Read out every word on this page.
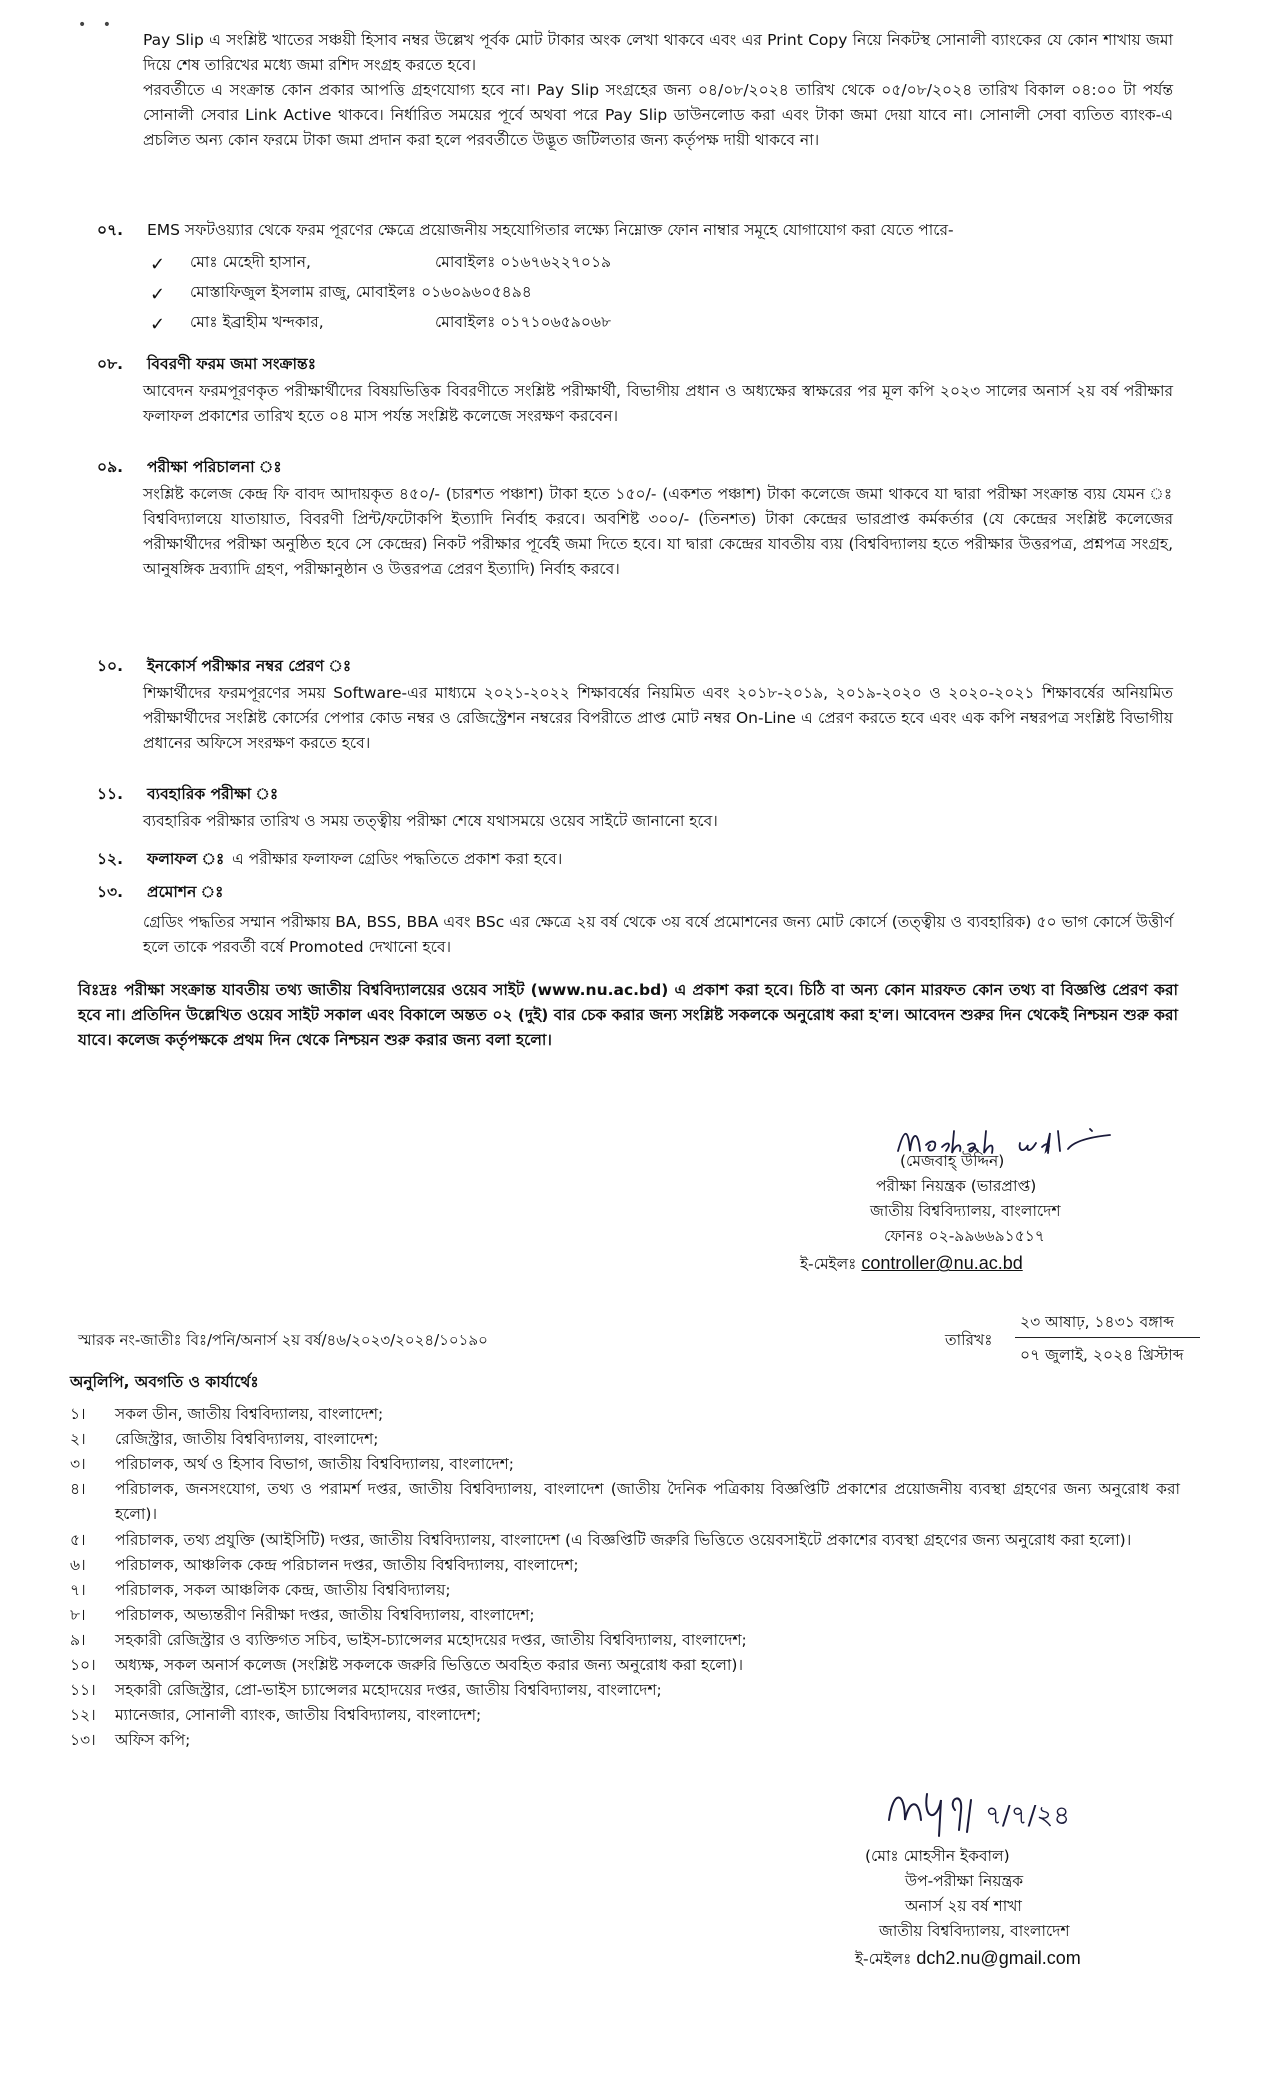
• •
Pay Slip এ সংশ্লিষ্ট খাতের সঞ্চয়ী হিসাব নম্বর উল্লেখ পূর্বক মোট টাকার অংক লেখা থাকবে এবং এর Print Copy নিয়ে নিকটস্থ সোনালী ব্যাংকের যে কোন শাখায় জমা দিয়ে শেষ তারিখের মধ্যে জমা রশিদ সংগ্রহ করতে হবে।
পরবর্তীতে এ সংক্রান্ত কোন প্রকার আপত্তি গ্রহণযোগ্য হবে না। Pay Slip সংগ্রহের জন্য ০৪/০৮/২০২৪ তারিখ থেকে ০৫/০৮/২০২৪ তারিখ বিকাল ০৪:০০ টা পর্যন্ত সোনালী সেবার Link Active থাকবে। নির্ধারিত সময়ের পূর্বে অথবা পরে Pay Slip ডাউনলোড করা এবং টাকা জমা দেয়া যাবে না। সোনালী সেবা ব্যতিত ব্যাংক-এ প্রচলিত অন্য কোন ফরমে টাকা জমা প্রদান করা হলে পরবর্তীতে উদ্ভূত জটিলতার জন্য কর্তৃপক্ষ দায়ী থাকবে না।
০৭.	EMS সফটওয়্যার থেকে ফরম পূরণের ক্ষেত্রে প্রয়োজনীয় সহযোগিতার লক্ষ্যে নিম্নোক্ত ফোন নাম্বার সমূহে যোগাযোগ করা যেতে পারে-
✓ মোঃ মেহেদী হাসান,	মোবাইলঃ ০১৬৭৬২২৭০১৯
✓ মোস্তাফিজুল ইসলাম রাজু, মোবাইলঃ ০১৬০৯৬০৫৪৯৪
✓ মোঃ ইব্রাহীম খন্দকার,	মোবাইলঃ ০১৭১০৬৫৯০৬৮
০৮.	বিবরণী ফরম জমা সংক্রান্তঃ
আবেদন ফরমপূরণকৃত পরীক্ষার্থীদের বিষয়ভিত্তিক বিবরণীতে সংশ্লিষ্ট পরীক্ষার্থী, বিভাগীয় প্রধান ও অধ্যক্ষের স্বাক্ষরের পর মূল কপি ২০২৩ সালের অনার্স ২য় বর্ষ পরীক্ষার ফলাফল প্রকাশের তারিখ হতে ০৪ মাস পর্যন্ত সংশ্লিষ্ট কলেজে সংরক্ষণ করবেন।
০৯.	পরীক্ষা পরিচালনা ঃ
সংশ্লিষ্ট কলেজ কেন্দ্র ফি বাবদ আদায়কৃত ৪৫০/- (চারশত পঞ্চাশ) টাকা হতে ১৫০/- (একশত পঞ্চাশ) টাকা কলেজে জমা থাকবে যা দ্বারা পরীক্ষা সংক্রান্ত ব্যয় যেমন ঃ বিশ্ববিদ্যালয়ে যাতায়াত, বিবরণী প্রিন্ট/ফটোকপি ইত্যাদি নির্বাহ করবে। অবশিষ্ট ৩০০/- (তিনশত) টাকা কেন্দ্রের ভারপ্রাপ্ত কর্মকর্তার (যে কেন্দ্রের সংশ্লিষ্ট কলেজের পরীক্ষার্থীদের পরীক্ষা অনুষ্ঠিত হবে সে কেন্দ্রের) নিকট পরীক্ষার পূর্বেই জমা দিতে হবে। যা দ্বারা কেন্দ্রের যাবতীয় ব্যয় (বিশ্ববিদ্যালয় হতে পরীক্ষার উত্তরপত্র, প্রশ্নপত্র সংগ্রহ, আনুষঙ্গিক দ্রব্যাদি গ্রহণ, পরীক্ষানুষ্ঠান ও উত্তরপত্র প্রেরণ ইত্যাদি) নির্বাহ করবে।
১০.	ইনকোর্স পরীক্ষার নম্বর প্রেরণ ঃ
শিক্ষার্থীদের ফরমপূরণের সময় Software-এর মাধ্যমে ২০২১-২০২২ শিক্ষাবর্ষের নিয়মিত এবং ২০১৮-২০১৯, ২০১৯-২০২০ ও ২০২০-২০২১ শিক্ষাবর্ষের অনিয়মিত পরীক্ষার্থীদের সংশ্লিষ্ট কোর্সের পেপার কোড নম্বর ও রেজিস্ট্রেশন নম্বরের বিপরীতে প্রাপ্ত মোট নম্বর On-Line এ প্রেরণ করতে হবে এবং এক কপি নম্বরপত্র সংশ্লিষ্ট বিভাগীয় প্রধানের অফিসে সংরক্ষণ করতে হবে।
১১.	ব্যবহারিক পরীক্ষা ঃ
ব্যবহারিক পরীক্ষার তারিখ ও সময় তত্ত্বীয় পরীক্ষা শেষে যথাসময়ে ওয়েব সাইটে জানানো হবে।
১২.	ফলাফল ঃ এ পরীক্ষার ফলাফল গ্রেডিং পদ্ধতিতে প্রকাশ করা হবে।
১৩.	প্রমোশন ঃ
গ্রেডিং পদ্ধতির সম্মান পরীক্ষায় BA, BSS, BBA এবং BSc এর ক্ষেত্রে ২য় বর্ষ থেকে ৩য় বর্ষে প্রমোশনের জন্য মোট কোর্সে (তত্ত্বীয় ও ব্যবহারিক) ৫০ ভাগ কোর্সে উত্তীর্ণ হলে তাকে পরবর্তী বর্ষে Promoted দেখানো হবে।
বিঃদ্রঃ পরীক্ষা সংক্রান্ত যাবতীয় তথ্য জাতীয় বিশ্ববিদ্যালয়ের ওয়েব সাইট (www.nu.ac.bd) এ প্রকাশ করা হবে। চিঠি বা অন্য কোন মারফত কোন তথ্য বা বিজ্ঞপ্তি প্রেরণ করা হবে না। প্রতিদিন উল্লেখিত ওয়েব সাইট সকাল এবং বিকালে অন্তত ০২ (দুই) বার চেক করার জন্য সংশ্লিষ্ট সকলকে অনুরোধ করা হ'ল। আবেদন শুরুর দিন থেকেই নিশ্চয়ন শুরু করা যাবে। কলেজ কর্তৃপক্ষকে প্রথম দিন থেকে নিশ্চয়ন শুরু করার জন্য বলা হলো।
(মেজবাহ্ উদ্দিন)
পরীক্ষা নিয়ন্ত্রক (ভারপ্রাপ্ত)
জাতীয় বিশ্ববিদ্যালয়, বাংলাদেশ
ফোনঃ ০২-৯৯৬৬৯১৫১৭
ই-মেইলঃ controller@nu.ac.bd
স্মারক নং-জাতীঃ বিঃ/পনি/অনার্স ২য় বর্ষ/৪৬/২০২৩/২০২৪/১০১৯০	তারিখঃ
২৩ আষাঢ়, ১৪৩১ বঙ্গাব্দ
০৭ জুলাই, ২০২৪ খ্রিস্টাব্দ
অনুলিপি, অবগতি ও কার্যার্থেঃ
১। সকল ডীন, জাতীয় বিশ্ববিদ্যালয়, বাংলাদেশ;
২। রেজিস্ট্রার, জাতীয় বিশ্ববিদ্যালয়, বাংলাদেশ;
৩। পরিচালক, অর্থ ও হিসাব বিভাগ, জাতীয় বিশ্ববিদ্যালয়, বাংলাদেশ;
৪। পরিচালক, জনসংযোগ, তথ্য ও পরামর্শ দপ্তর, জাতীয় বিশ্ববিদ্যালয়, বাংলাদেশ (জাতীয় দৈনিক পত্রিকায় বিজ্ঞপ্তিটি প্রকাশের প্রয়োজনীয় ব্যবস্থা গ্রহণের জন্য অনুরোধ করা হলো)।
৫। পরিচালক, তথ্য প্রযুক্তি (আইসিটি) দপ্তর, জাতীয় বিশ্ববিদ্যালয়, বাংলাদেশ (এ বিজ্ঞপ্তিটি জরুরি ভিত্তিতে ওয়েবসাইটে প্রকাশের ব্যবস্থা গ্রহণের জন্য অনুরোধ করা হলো)।
৬। পরিচালক, আঞ্চলিক কেন্দ্র পরিচালন দপ্তর, জাতীয় বিশ্ববিদ্যালয়, বাংলাদেশ;
৭। পরিচালক, সকল আঞ্চলিক কেন্দ্র, জাতীয় বিশ্ববিদ্যালয়;
৮। পরিচালক, অভ্যন্তরীণ নিরীক্ষা দপ্তর, জাতীয় বিশ্ববিদ্যালয়, বাংলাদেশ;
৯। সহকারী রেজিস্ট্রার ও ব্যক্তিগত সচিব, ভাইস-চ্যান্সেলর মহোদয়ের দপ্তর, জাতীয় বিশ্ববিদ্যালয়, বাংলাদেশ;
১০। অধ্যক্ষ, সকল অনার্স কলেজ (সংশ্লিষ্ট সকলকে জরুরি ভিত্তিতে অবহিত করার জন্য অনুরোধ করা হলো)।
১১। সহকারী রেজিস্ট্রার, প্রো-ভাইস চ্যান্সেলর মহোদয়ের দপ্তর, জাতীয় বিশ্ববিদ্যালয়, বাংলাদেশ;
১২। ম্যানেজার, সোনালী ব্যাংক, জাতীয় বিশ্ববিদ্যালয়, বাংলাদেশ;
১৩। অফিস কপি;
৭/৭/২৪
(মোঃ মোহসীন ইকবাল)
উপ-পরীক্ষা নিয়ন্ত্রক
অনার্স ২য় বর্ষ শাখা
জাতীয় বিশ্ববিদ্যালয়, বাংলাদেশ
ই-মেইলঃ dch2.nu@gmail.com
